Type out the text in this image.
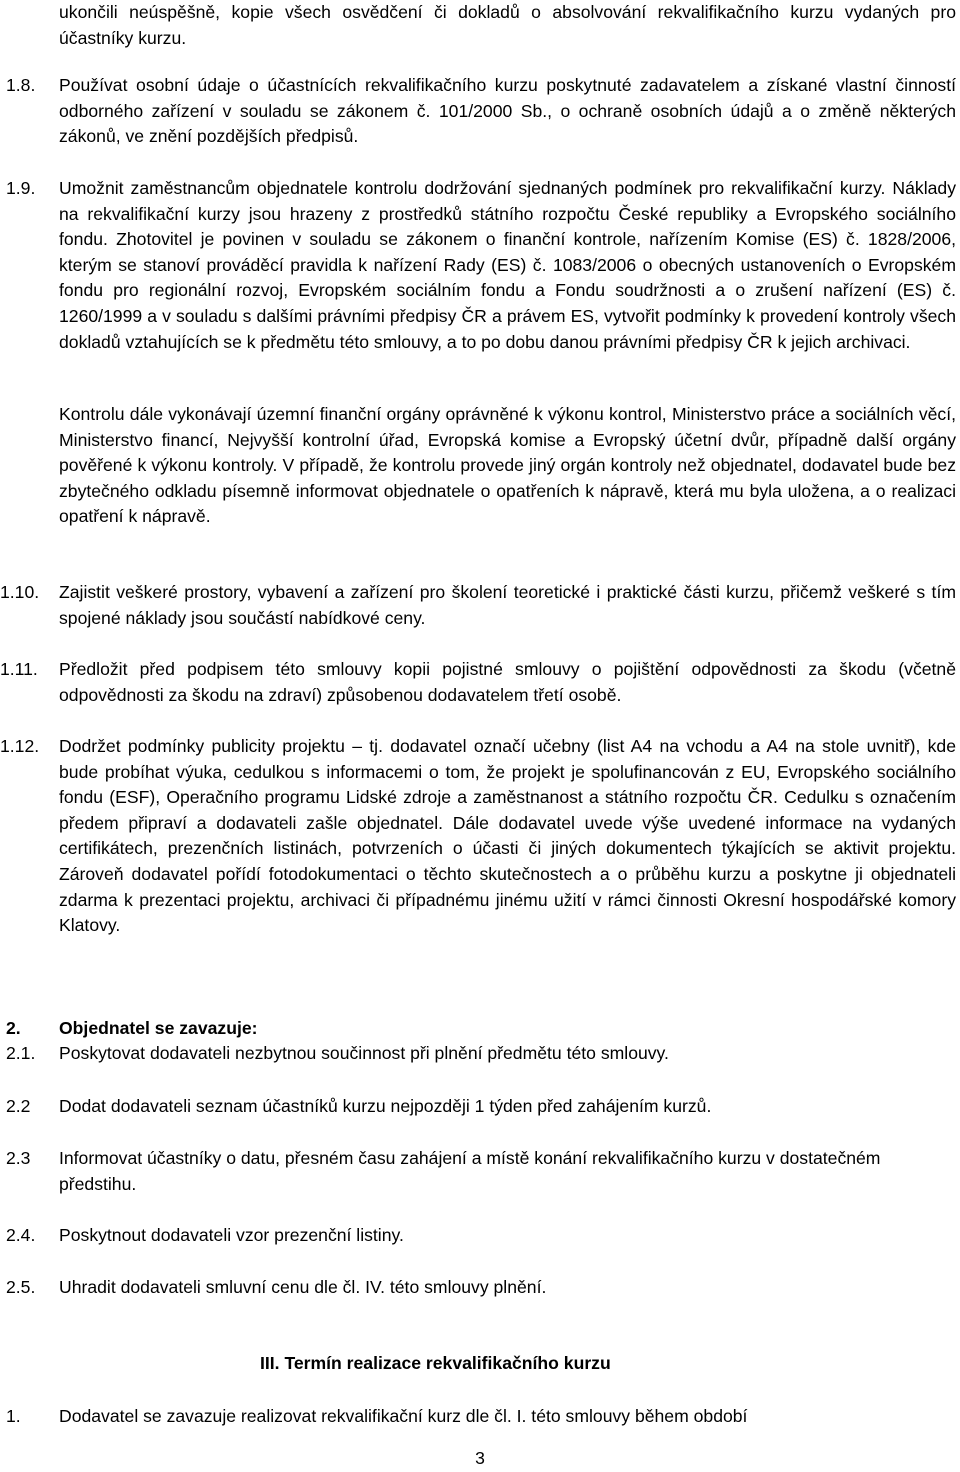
ukončili neúspěšně, kopie všech osvědčení či dokladů o absolvování rekvalifikačního kurzu vydaných pro účastníky kurzu.
1.8. Používat osobní údaje o účastnících rekvalifikačního kurzu poskytnuté zadavatelem a získané vlastní činností odborného zařízení v souladu se zákonem č. 101/2000 Sb., o ochraně osobních údajů a o změně některých zákonů, ve znění pozdějších předpisů.
1.9. Umožnit zaměstnancům objednatele kontrolu dodržování sjednaných podmínek pro rekvalifikační kurzy. Náklady na rekvalifikační kurzy jsou hrazeny z prostředků státního rozpočtu České republiky a Evropského sociálního fondu. Zhotovitel je povinen v souladu se zákonem o finanční kontrole, nařízením Komise (ES) č. 1828/2006, kterým se stanoví prováděcí pravidla k nařízení Rady (ES) č. 1083/2006 o obecných ustanoveních o Evropském fondu pro regionální rozvoj, Evropském sociálním fondu a Fondu soudržnosti a o zrušení nařízení (ES) č. 1260/1999 a v souladu s dalšími právními předpisy ČR a právem ES, vytvořit podmínky k provedení kontroly všech dokladů vztahujících se k předmětu této smlouvy, a to po dobu danou právními předpisy ČR k jejich archivaci.
Kontrolu dále vykonávají územní finanční orgány oprávněné k výkonu kontrol, Ministerstvo práce a sociálních věcí, Ministerstvo financí, Nejvyšší kontrolní úřad, Evropská komise a Evropský účetní dvůr, případně další orgány pověřené k výkonu kontroly. V případě, že kontrolu provede jiný orgán kontroly než objednatel, dodavatel bude bez zbytečného odkladu písemně informovat objednatele o opatřeních k nápravě, která mu byla uložena, a o realizaci opatření k nápravě.
1.10. Zajistit veškeré prostory, vybavení a zařízení pro školení teoretické i praktické části kurzu, přičemž veškeré s tím spojené náklady jsou součástí nabídkové ceny.
1.11. Předložit před podpisem této smlouvy kopii pojistné smlouvy o pojištění odpovědnosti za škodu (včetně odpovědnosti za škodu na zdraví) způsobenou dodavatelem třetí osobě.
1.12. Dodržet podmínky publicity projektu – tj. dodavatel označí učebny (list A4 na vchodu a A4 na stole uvnitř), kde bude probíhat výuka, cedulkou s informacemi o tom, že projekt je spolufinancován z EU, Evropského sociálního fondu (ESF), Operačního programu Lidské zdroje a zaměstnanost a státního rozpočtu ČR. Cedulku s označením předem připraví a dodavateli zašle objednatel. Dále dodavatel uvede výše uvedené informace na vydaných certifikátech, prezenčních listinách, potvrzeních o účasti či jiných dokumentech týkajících se aktivit projektu. Zároveň dodavatel pořídí fotodokumentaci o těchto skutečnostech a o průběhu kurzu a poskytne ji objednateli zdarma k prezentaci projektu, archivaci či případnému jinému užití v rámci činnosti Okresní hospodářské komory Klatovy.
2. Objednatel se zavazuje:
2.1. Poskytovat dodavateli nezbytnou součinnost při plnění předmětu této smlouvy.
2.2 Dodat dodavateli seznam účastníků kurzu nejpozději 1 týden před zahájením kurzů.
2.3 Informovat účastníky o datu, přesném času zahájení a místě konání rekvalifikačního kurzu v dostatečném předstihu.
2.4. Poskytnout dodavateli vzor prezenční listiny.
2.5. Uhradit dodavateli smluvní cenu dle čl. IV. této smlouvy plnění.
III. Termín realizace rekvalifikačního kurzu
1. Dodavatel se zavazuje realizovat rekvalifikační kurz dle čl. I. této smlouvy během období
3
